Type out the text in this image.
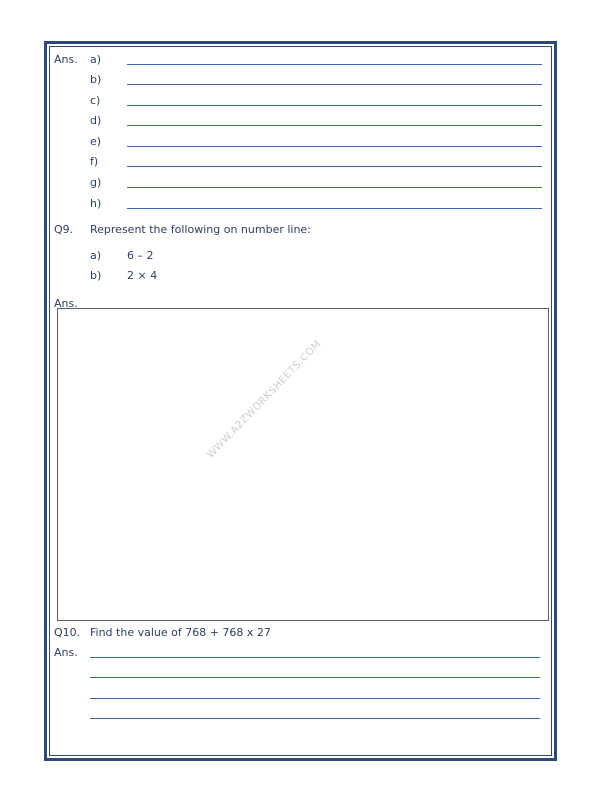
Ans. a)
b)
c)
d)
e)
f)
g)
h)
Q9. Represent the following on number line:
a) 6 – 2
b) 2 × 4
Ans.
WWW.A2ZWORKSHEETS.COM
Q10. Find the value of 768 + 768 x 27
Ans.
